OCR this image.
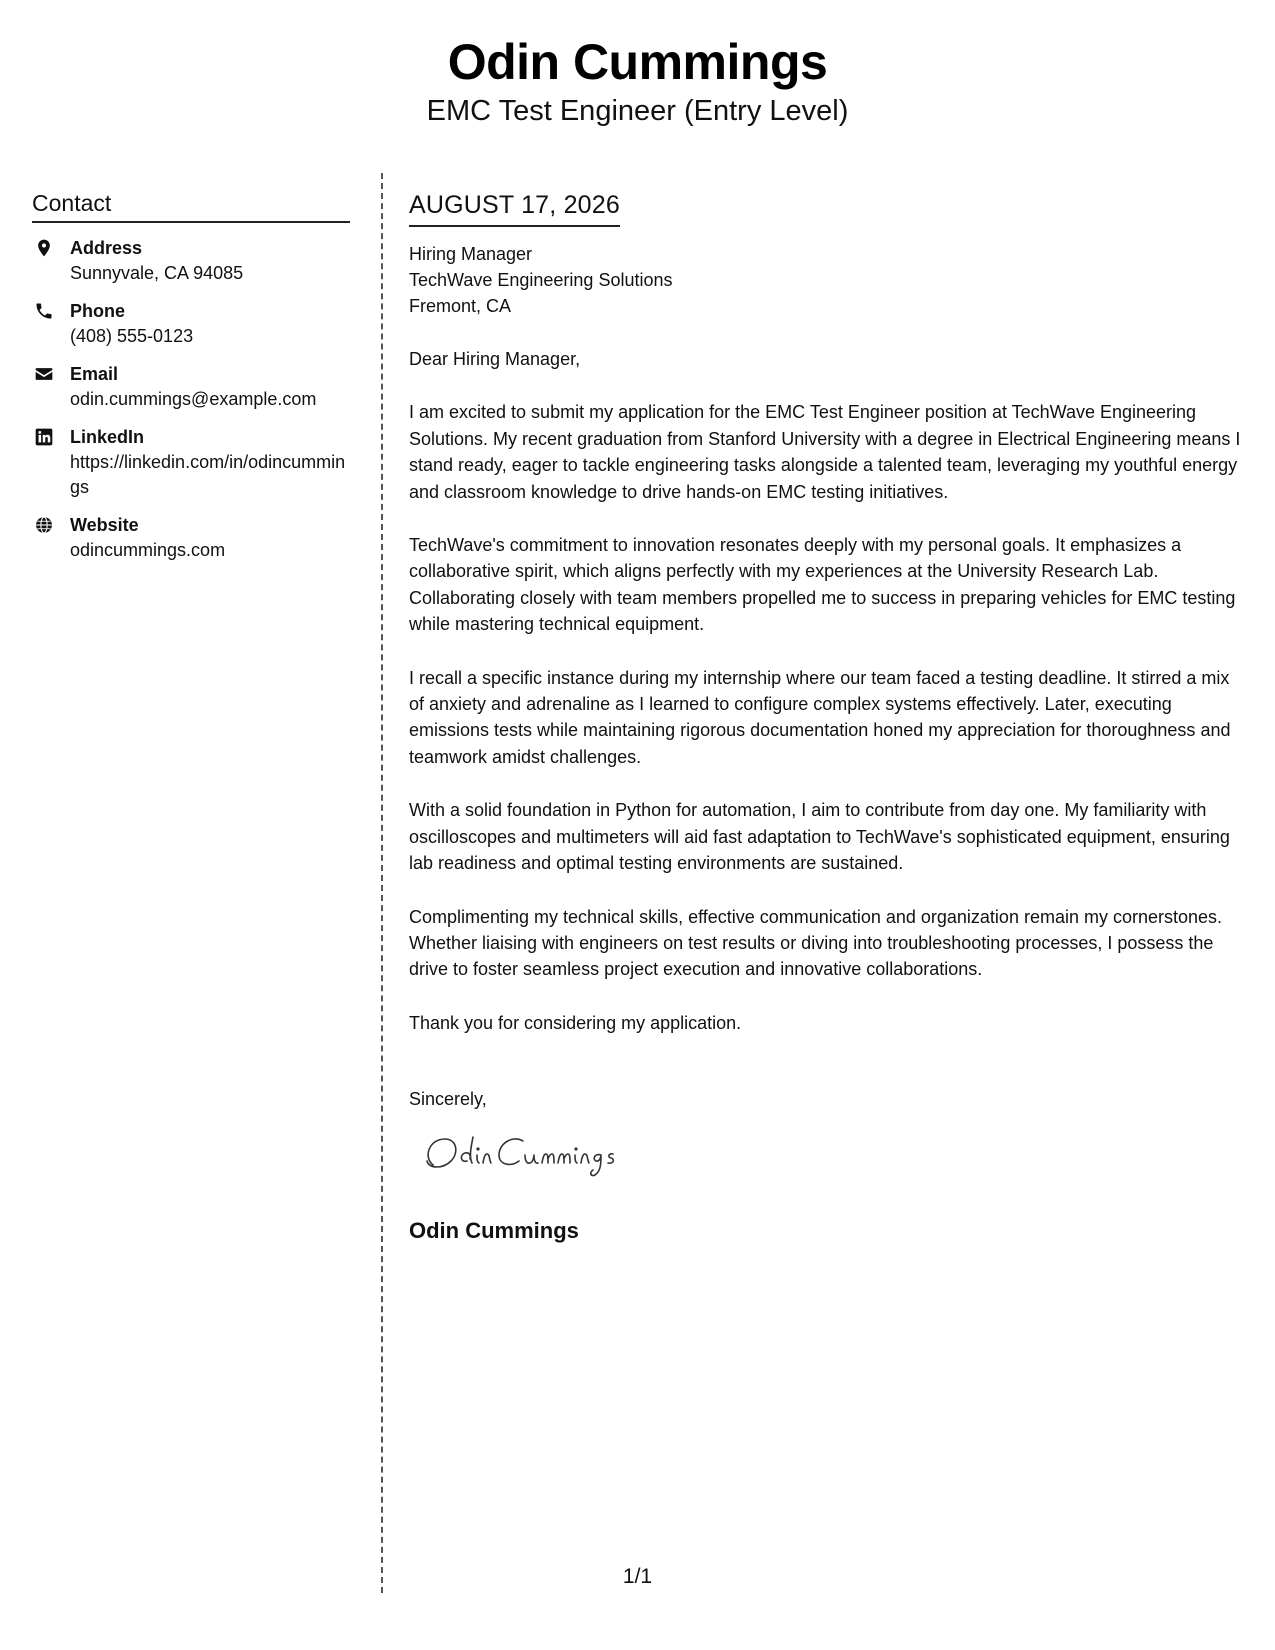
Odin Cummings
EMC Test Engineer (Entry Level)
Contact
Address
Sunnyvale, CA 94085
Phone
(408) 555-0123
Email
odin.cummings@example.com
LinkedIn
https://linkedin.com/in/odincummings
Website
odincummings.com
AUGUST 17, 2026
Hiring Manager
TechWave Engineering Solutions
Fremont, CA
Dear Hiring Manager,
I am excited to submit my application for the EMC Test Engineer position at TechWave Engineering Solutions. My recent graduation from Stanford University with a degree in Electrical Engineering means I stand ready, eager to tackle engineering tasks alongside a talented team, leveraging my youthful energy and classroom knowledge to drive hands-on EMC testing initiatives.
TechWave's commitment to innovation resonates deeply with my personal goals. It emphasizes a collaborative spirit, which aligns perfectly with my experiences at the University Research Lab. Collaborating closely with team members propelled me to success in preparing vehicles for EMC testing while mastering technical equipment.
I recall a specific instance during my internship where our team faced a testing deadline. It stirred a mix of anxiety and adrenaline as I learned to configure complex systems effectively. Later, executing emissions tests while maintaining rigorous documentation honed my appreciation for thoroughness and teamwork amidst challenges.
With a solid foundation in Python for automation, I aim to contribute from day one. My familiarity with oscilloscopes and multimeters will aid fast adaptation to TechWave's sophisticated equipment, ensuring lab readiness and optimal testing environments are sustained.
Complimenting my technical skills, effective communication and organization remain my cornerstones. Whether liaising with engineers on test results or diving into troubleshooting processes, I possess the drive to foster seamless project execution and innovative collaborations.
Thank you for considering my application.
Sincerely,
Odin Cummings
1/1
